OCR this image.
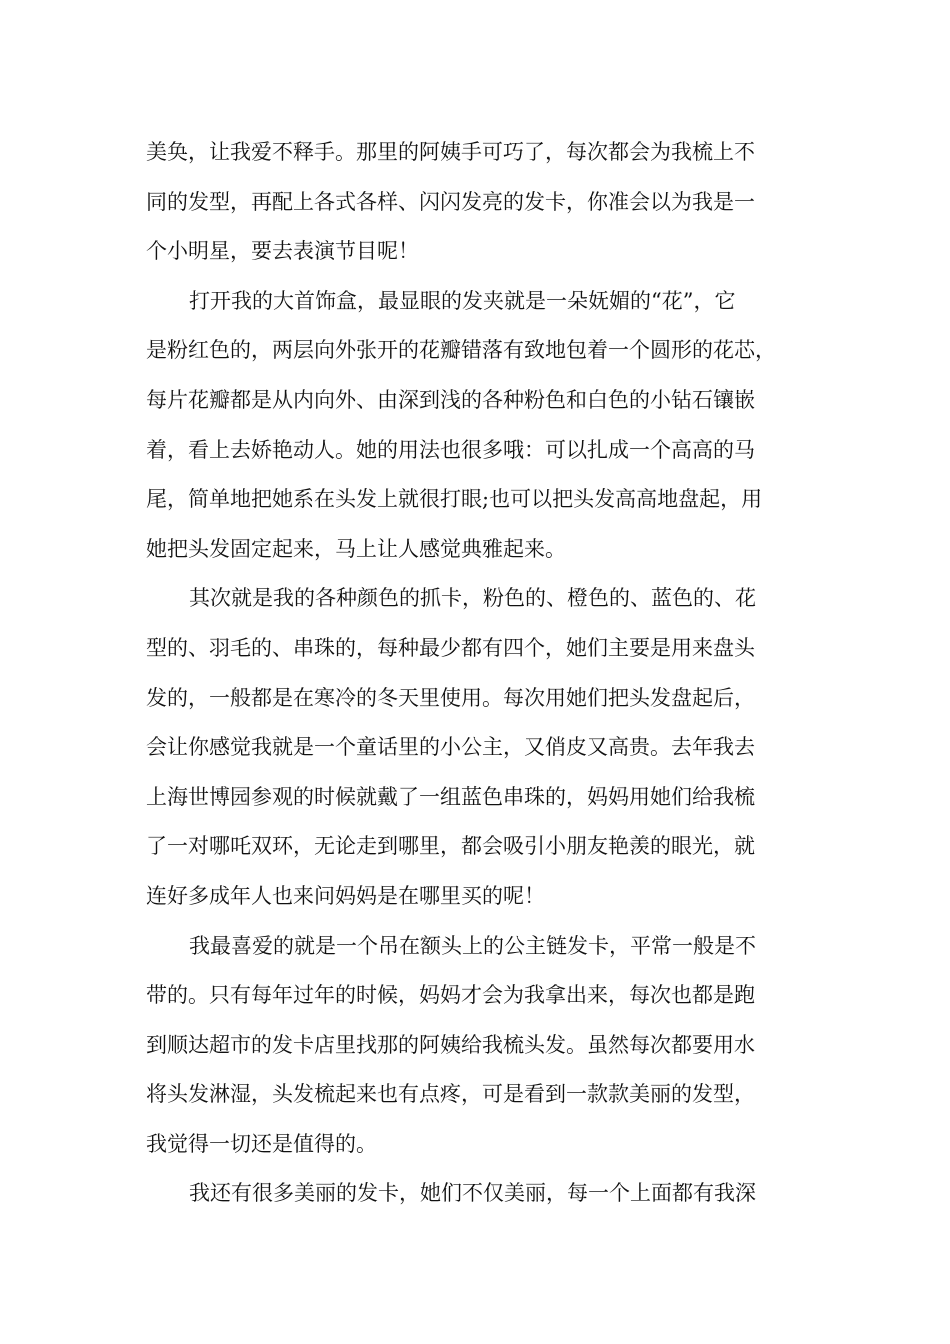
美奂，让我爱不释手。那里的阿姨手可巧了，每次都会为我梳上不
同的发型，再配上各式各样、闪闪发亮的发卡，你准会以为我是一
个小明星，要去表演节目呢！
打开我的大首饰盒，最显眼的发夹就是一朵妩媚的“花”，它
是粉红色的，两层向外张开的花瓣错落有致地包着一个圆形的花芯，
每片花瓣都是从内向外、由深到浅的各种粉色和白色的小钻石镶嵌
着，看上去娇艳动人。她的用法也很多哦：可以扎成一个高高的马
尾，简单地把她系在头发上就很打眼;也可以把头发高高地盘起，用
她把头发固定起来，马上让人感觉典雅起来。
其次就是我的各种颜色的抓卡，粉色的、橙色的、蓝色的、花
型的、羽毛的、串珠的，每种最少都有四个，她们主要是用来盘头
发的，一般都是在寒冷的冬天里使用。每次用她们把头发盘起后，
会让你感觉我就是一个童话里的小公主，又俏皮又高贵。去年我去
上海世博园参观的时候就戴了一组蓝色串珠的，妈妈用她们给我梳
了一对哪吒双环，无论走到哪里，都会吸引小朋友艳羡的眼光，就
连好多成年人也来问妈妈是在哪里买的呢！
我最喜爱的就是一个吊在额头上的公主链发卡，平常一般是不
带的。只有每年过年的时候，妈妈才会为我拿出来，每次也都是跑
到顺达超市的发卡店里找那的阿姨给我梳头发。虽然每次都要用水
将头发淋湿，头发梳起来也有点疼，可是看到一款款美丽的发型，
我觉得一切还是值得的。
我还有很多美丽的发卡，她们不仅美丽，每一个上面都有我深
